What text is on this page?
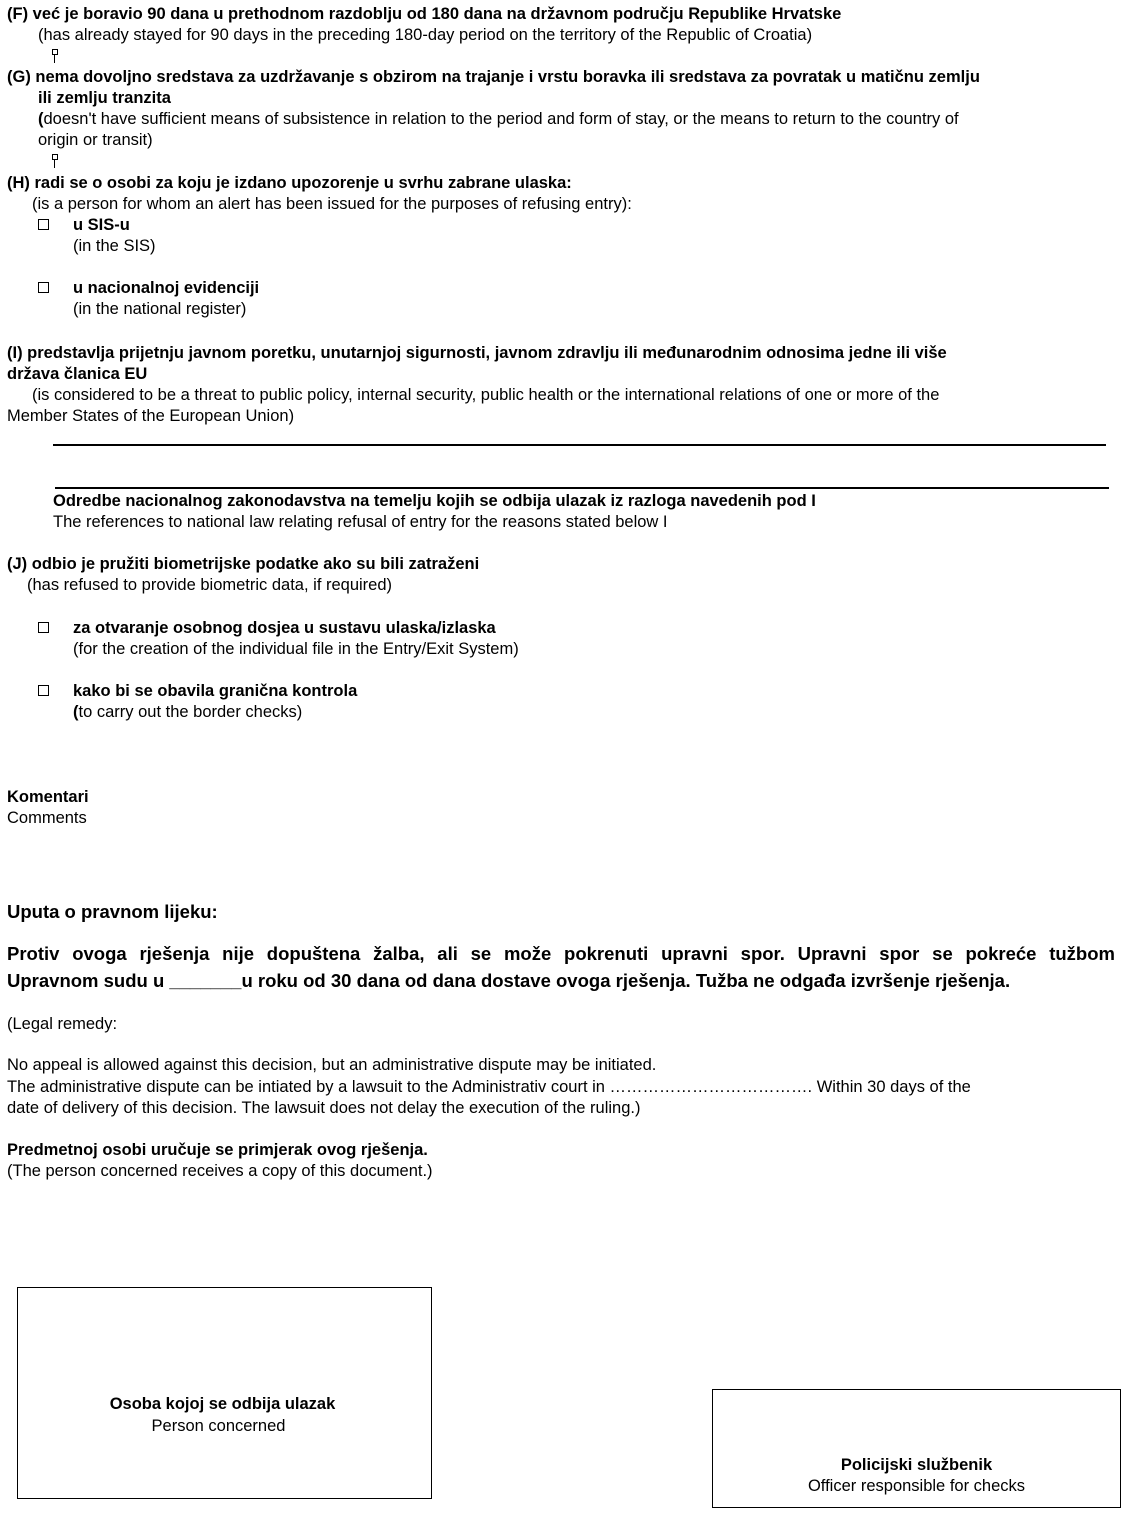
(F) već je boravio 90 dana u prethodnom razdoblju od 180 dana na državnom području Republike Hrvatske
(has already stayed for 90 days in the preceding 180-day period on the territory of the Republic of Croatia)
(G) nema dovoljno sredstava za uzdržavanje s obzirom na trajanje i vrstu boravka ili sredstava za povratak u matičnu zemlju
ili zemlju tranzita
(doesn't have sufficient means of subsistence in relation to the period and form of stay, or the means to return to the country of
origin or transit)
(H) radi se o osobi za koju je izdano upozorenje u svrhu zabrane ulaska:
(is a person for whom an alert has been issued for the purposes of refusing entry):
u SIS-u
(in the SIS)
u nacionalnoj evidenciji
(in the national register)
(I) predstavlja prijetnju javnom poretku, unutarnjoj sigurnosti, javnom zdravlju ili međunarodnim odnosima jedne ili više
država članica EU
(is considered to be a threat to public policy, internal security, public health or the international relations of one or more of the
Member States of the European Union)
Odredbe nacionalnog zakonodavstva na temelju kojih se odbija ulazak iz razloga navedenih pod I
The references to national law relating refusal of entry for the reasons stated below I
(J) odbio je pružiti biometrijske podatke ako su bili zatraženi
(has refused to provide biometric data, if required)
za otvaranje osobnog dosjea u sustavu ulaska/izlaska
(for the creation of the individual file in the Entry/Exit System)
kako bi se obavila granična kontrola
(to carry out the border checks)
Komentari
Comments
Uputa o pravnom lijeku:
Protiv ovoga rješenja nije dopuštena žalba, ali se može pokrenuti upravni spor. Upravni spor se pokreće tužbom
Upravnom sudu u _______u roku od 30 dana od dana dostave ovoga rješenja. Tužba ne odgađa izvršenje rješenja.
(Legal remedy:
No appeal is allowed against this decision, but an administrative dispute may be initiated.
The administrative dispute can be intiated by a lawsuit to the Administrativ court in ………………………………. Within 30 days of the
date of delivery of this decision. The lawsuit does not delay the execution of the ruling.)
Predmetnoj osobi uručuje se primjerak ovog rješenja.
(The person concerned receives a copy of this document.)
Osoba kojoj se odbija ulazak
Person concerned
Policijski službenik
Officer responsible for checks
